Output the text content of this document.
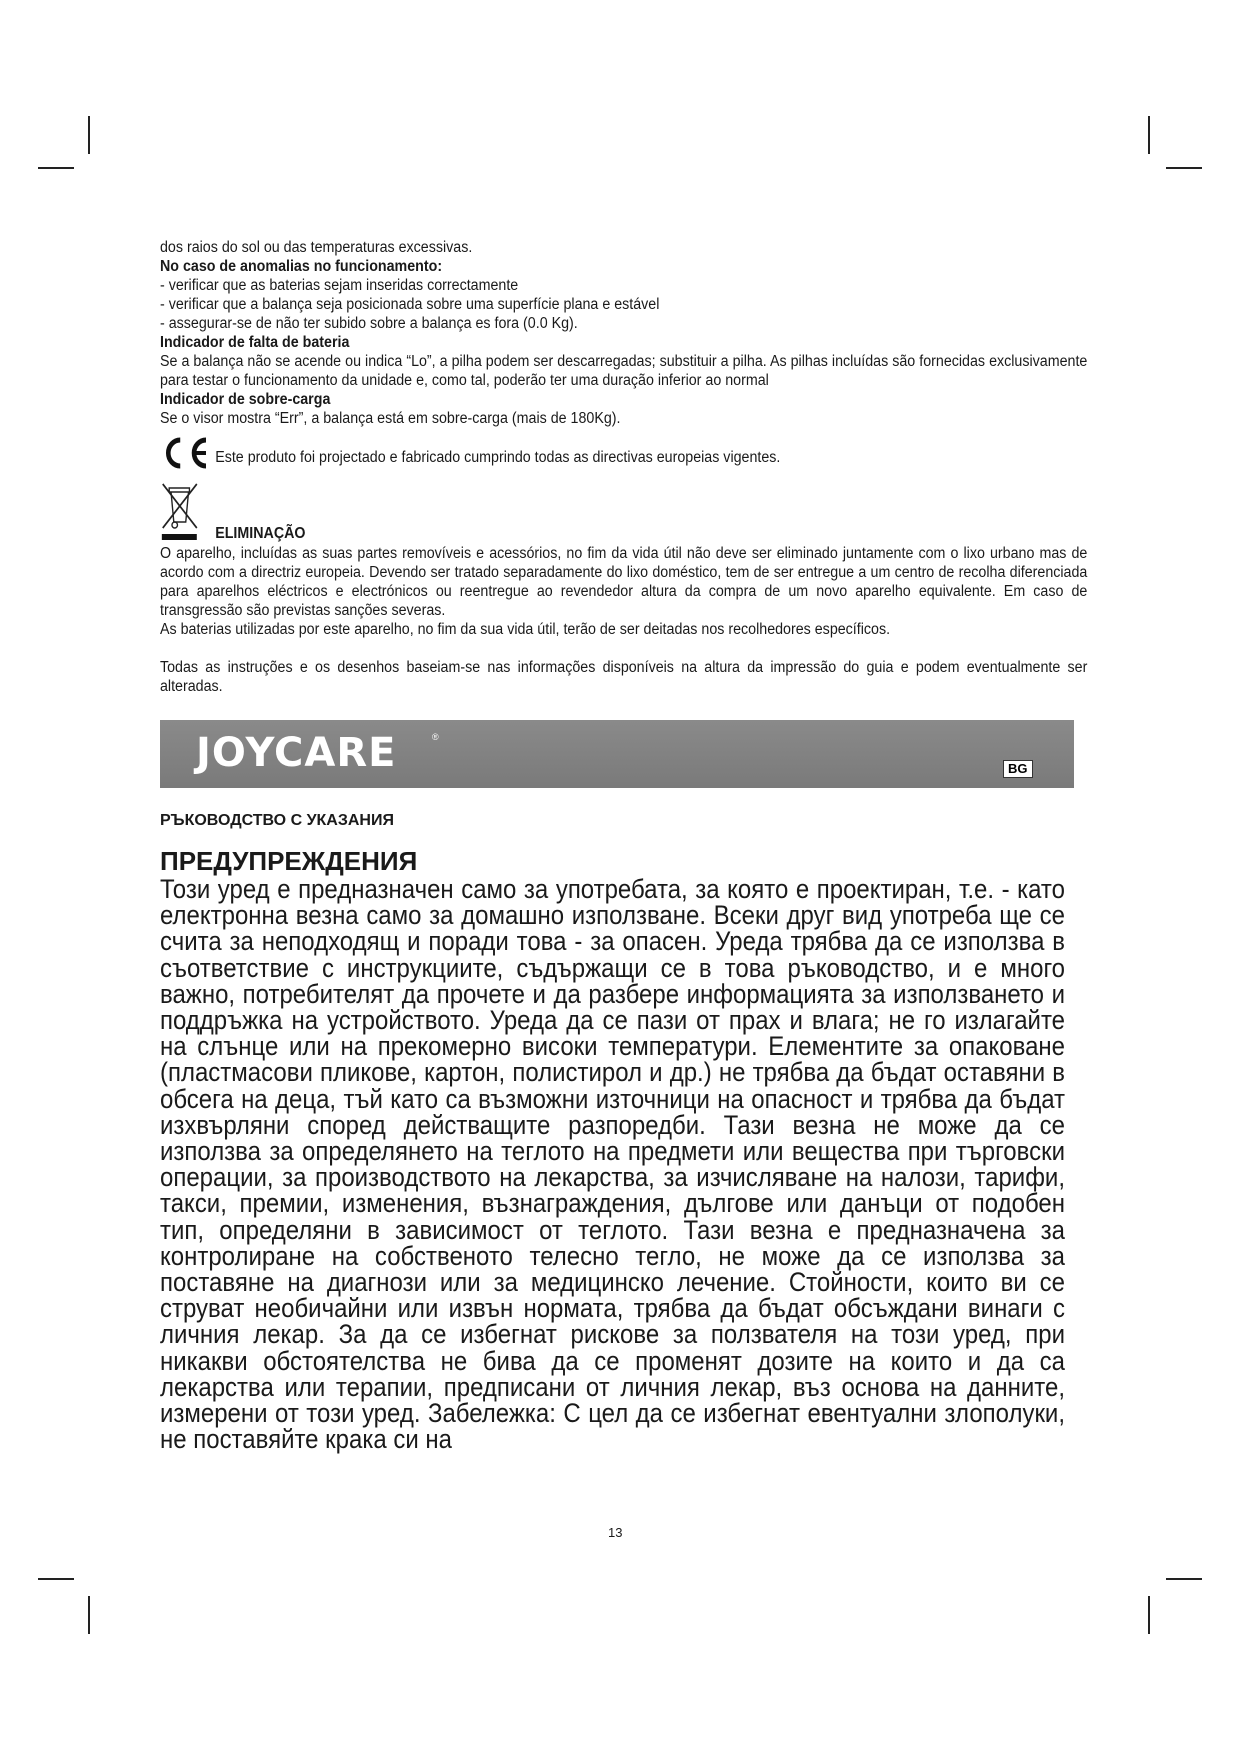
dos raios do sol ou das temperaturas excessivas.

No caso de anomalias no funcionamento:

- verificar que as baterias sejam inseridas correctamente

- verificar que a balança seja posicionada sobre uma superfície plana e estável

- assegurar-se de não ter subido sobre a balança es fora (0.0 Kg).

Indicador de falta de bateria

Se a balança não se acende ou indica “Lo”, a pilha podem ser descarregadas; substituir a pilha. As pilhas incluídas são fornecidas exclusivamente para testar o funcionamento da unidade e, como tal, poderão ter uma duração inferior ao normal

Indicador de sobre-carga

Se o visor mostra “Err”, a balança está em sobre-carga (mais de 180Kg).

Este produto foi projectado e fabricado cumprindo todas as directivas europeias vigentes.
ELIMINAÇÃO

O aparelho, incluídas as suas partes removíveis e acessórios, no fim da vida útil não deve ser eliminado juntamente com o lixo urbano mas de acordo com a directriz europeia. Devendo ser tratado separadamente do lixo doméstico, tem de ser entregue a um centro de recolha diferenciada para aparelhos eléctricos e electrónicos ou reentregue ao revendedor altura da compra de um novo aparelho equivalente. Em caso de transgressão são previstas sanções severas.

As baterias utilizadas por este aparelho, no fim da sua vida útil, terão de ser deitadas nos recolhedores específicos.

Todas as instruções e os desenhos baseiam-se nas informações disponíveis na altura da impressão do guia e podem eventualmente ser alteradas.

JOYCARE	®
BG
РЪКОВОДСТВО С УКАЗАНИЯ
ПРЕДУПРЕЖДЕНИЯ

Този уред е предназначен само за употребата, за която е проектиран, т.е. - като електронна везна само за домашно използване. Всеки друг вид употреба ще се счита за неподходящ и поради това - за опасен. Уреда трябва да се използва в съответствие с инструкциите, съдържащи се в това ръководство, и е много важно, потребителят да прочете и да разбере информацията за използването и поддръжка на устройството. Уреда да се пази от прах и влага; не го излагайте на слънце или на прекомерно високи температури. Елементите за опаковане (пластмасови пликове, картон, полистирол и др.) не трябва да бъдат оставяни в обсега на деца, тъй като са възможни източници на опасност и трябва да бъдат изхвърляни според действащите разпоредби. Тази везна не може да се използва за определянето на теглото на предмети или вещества при търговски операции, за производството на лекарства, за изчисляване на налози, тарифи, такси, премии, изменения, възнаграждения, дългове или данъци от подобен тип, определяни в зависимост от теглото. Тази везна е предназначена за контролиране на собственото телесно тегло, не може да се използва за поставяне на диагнози или за медицинско лечение. Стойности, които ви се струват необичайни или извън нормата, трябва да бъдат обсъждани винаги с личния лекар. За да се избегнат рискове за ползвателя на този уред, при никакви обстоятелства не бива да се променят дозите на които и да са лекарства или терапии, предписани от личния лекар, въз основа на данните, измерени от този уред. Забележка: С цел да се избегнат евентуални злополуки, не поставяйте крака си на

13
